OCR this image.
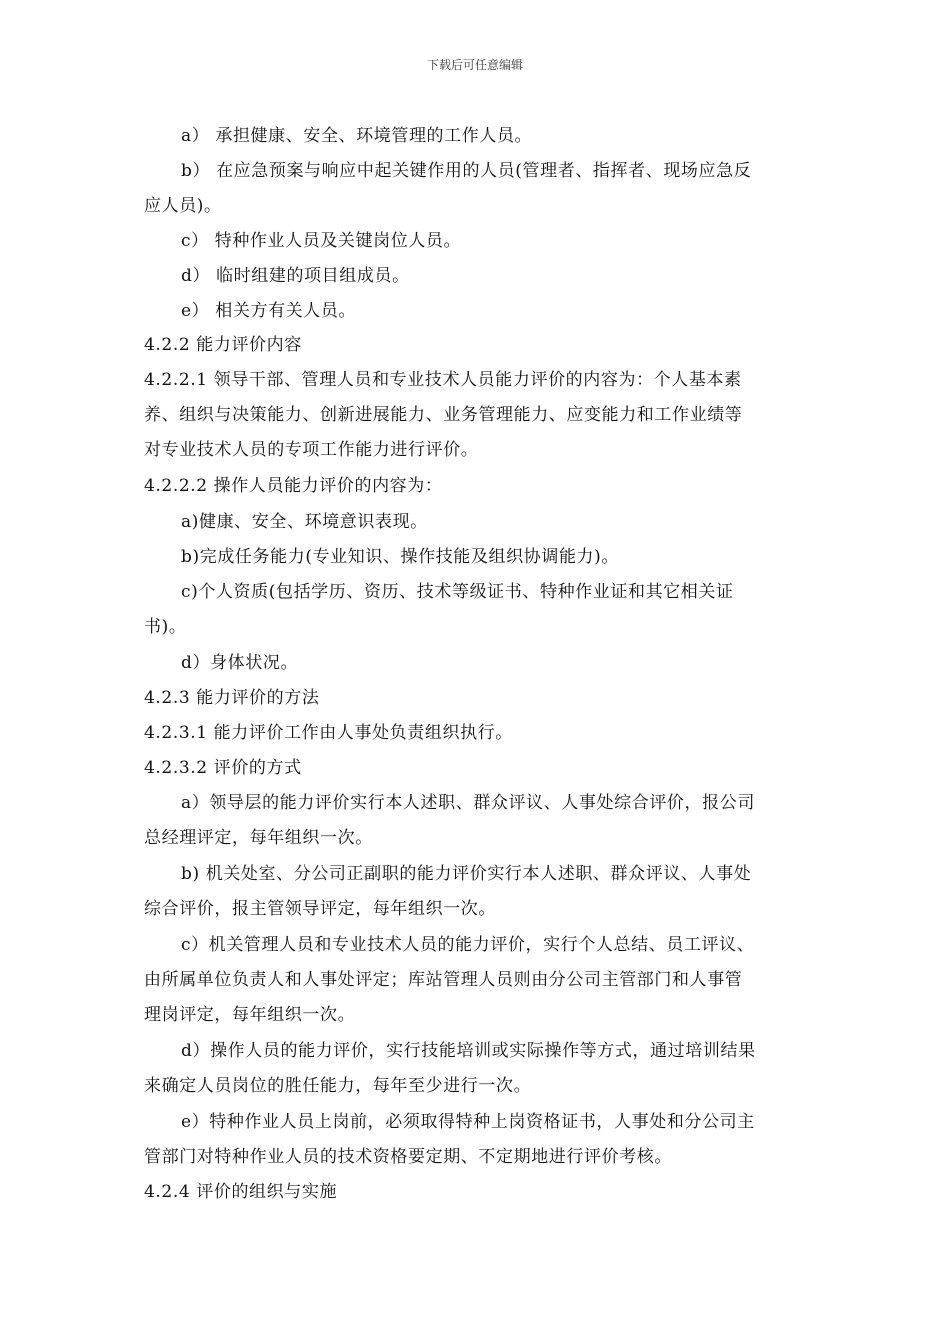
下载后可任意编辑
a） 承担健康、安全、环境管理的工作人员。
b） 在应急预案与响应中起关键作用的人员(管理者、指挥者、现场应急反
应人员)。
c） 特种作业人员及关键岗位人员。
d） 临时组建的项目组成员。
e） 相关方有关人员。
4.2.2 能力评价内容
4.2.2.1 领导干部、管理人员和专业技术人员能力评价的内容为：个人基本素
养、组织与决策能力、创新进展能力、业务管理能力、应变能力和工作业绩等
对专业技术人员的专项工作能力进行评价。
4.2.2.2 操作人员能力评价的内容为：
a)健康、安全、环境意识表现。
b)完成任务能力(专业知识、操作技能及组织协调能力)。
c)个人资质(包括学历、资历、技术等级证书、特种作业证和其它相关证
书)。
d）身体状况。
4.2.3 能力评价的方法
4.2.3.1 能力评价工作由人事处负责组织执行。
4.2.3.2 评价的方式
a）领导层的能力评价实行本人述职、群众评议、人事处综合评价，报公司
总经理评定，每年组织一次。
b) 机关处室、分公司正副职的能力评价实行本人述职、群众评议、人事处
综合评价，报主管领导评定，每年组织一次。
c）机关管理人员和专业技术人员的能力评价，实行个人总结、员工评议、
由所属单位负责人和人事处评定；库站管理人员则由分公司主管部门和人事管
理岗评定，每年组织一次。
d）操作人员的能力评价，实行技能培训或实际操作等方式，通过培训结果
来确定人员岗位的胜任能力，每年至少进行一次。
e）特种作业人员上岗前，必须取得特种上岗资格证书，人事处和分公司主
管部门对特种作业人员的技术资格要定期、不定期地进行评价考核。
4.2.4 评价的组织与实施
